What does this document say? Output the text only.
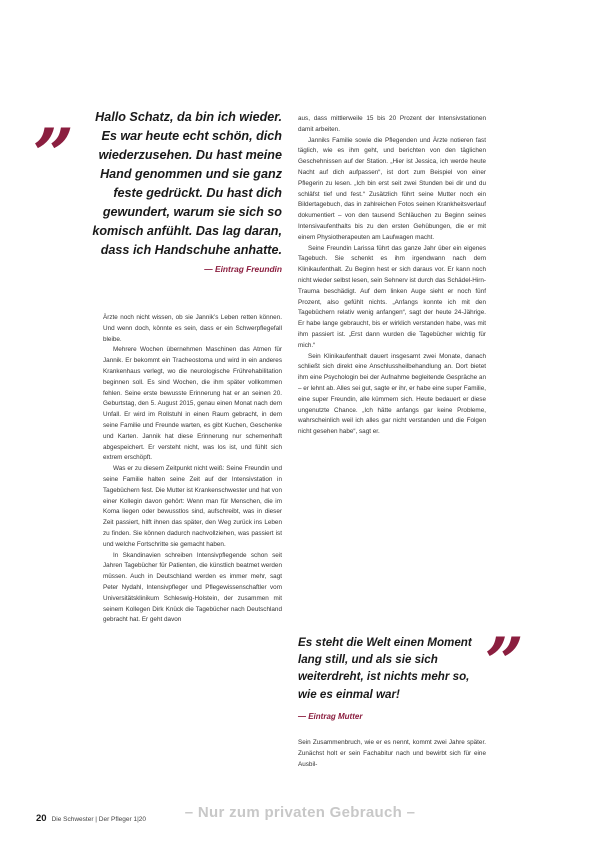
„	Hallo Schatz, da bin ich wieder. Es war heute echt schön, dich wiederzusehen. Du hast meine Hand genommen und sie ganz feste gedrückt. Du hast dich gewundert, warum sie sich so komisch anfühlt. Das lag daran, dass ich Handschuhe anhatte.
— Eintrag Freundin

Ärzte noch nicht wissen, ob sie Jannik’s Leben retten können. Und wenn doch, könnte es sein, dass er ein Schwerpflegefall bleibe.

Mehrere Wochen übernehmen Maschinen das Atmen für Jannik. Er bekommt ein Tracheostoma und wird in ein anderes Krankenhaus verlegt, wo die neurologische Frührehabilitation beginnen soll. Es sind Wochen, die ihm später vollkommen fehlen. Seine erste bewusste Erinnerung hat er an seinen 20. Geburtstag, den 5. August 2015, genau einen Monat nach dem Unfall. Er wird im Rollstuhl in einen Raum gebracht, in dem seine Familie und Freunde warten, es gibt Kuchen, Geschenke und Karten. Jannik hat diese Erinnerung nur schemenhaft abgespeichert. Er versteht nicht, was los ist, und fühlt sich extrem erschöpft.

Was er zu diesem Zeitpunkt nicht weiß: Seine Freundin und seine Familie halten seine Zeit auf der Intensivstation in Tagebüchern fest. Die Mutter ist Krankenschwester und hat von einer Kollegin davon gehört: Wenn man für Menschen, die im Koma liegen oder bewusstlos sind, aufschreibt, was in dieser Zeit passiert, hilft ihnen das später, den Weg zurück ins Leben zu finden. Sie können dadurch nachvollziehen, was passiert ist und welche Fortschritte sie gemacht haben.

In Skandinavien schreiben Intensivpflegende schon seit Jahren Tagebücher für Patienten, die künstlich beatmet werden müssen. Auch in Deutschland werden es immer mehr, sagt Peter Nydahl, Intensivpfleger und Pflegewissenschaftler vom Universitätsklinikum Schleswig-Holstein, der zusammen mit seinem Kollegen Dirk Knück die Tagebücher nach Deutschland gebracht hat. Er geht davon

aus, dass mittlerweile 15 bis 20 Prozent der Intensivstationen damit arbeiten.

Janniks Familie sowie die Pflegenden und Ärzte notieren fast täglich, wie es ihm geht, und berichten von den täglichen Geschehnissen auf der Station. „Hier ist Jessica, ich werde heute Nacht auf dich aufpassen“, ist dort zum Beispiel von einer Pflegerin zu lesen. „Ich bin erst seit zwei Stunden bei dir und du schläfst tief und fest.“ Zusätzlich führt seine Mutter noch ein Bildertagebuch, das in zahlreichen Fotos seinen Krankheitsverlauf dokumentiert – von den tausend Schläuchen zu Beginn seines Intensivaufenthalts bis zu den ersten Gehübungen, die er mit einem Physiotherapeuten am Laufwagen macht.

Seine Freundin Larissa führt das ganze Jahr über ein eigenes Tagebuch. Sie schenkt es ihm irgendwann nach dem Klinikaufenthalt. Zu Beginn hest er sich daraus vor. Er kann noch nicht wieder selbst lesen, sein Sehnerv ist durch das Schädel-Hirn-Trauma beschädigt. Auf dem linken Auge sieht er noch fünf Prozent, also gefühlt nichts. „Anfangs konnte ich mit den Tagebüchern relativ wenig anfangen“, sagt der heute 24-Jährige. Er habe lange gebraucht, bis er wirklich verstanden habe, was mit ihm passiert ist. „Erst dann wurden die Tagebücher wichtig für mich.“

Sein Klinikaufenthalt dauert insgesamt zwei Monate, danach schließt sich direkt eine Anschlussheilbehandlung an. Dort bietet ihm eine Psychologin bei der Aufnahme begleitende Gespräche an – er lehnt ab. Alles sei gut, sagte er ihr, er habe eine super Familie, eine super Freundin, alle kümmern sich. Heute bedauert er diese ungenutzte Chance. „Ich hätte anfangs gar keine Probleme, wahrscheinlich weil ich alles gar nicht verstanden und die Folgen nicht gesehen habe“, sagt er.

„
Es steht die Welt einen Moment lang still, und als sie sich weiterdreht, ist nichts mehr so, wie es einmal war!
— Eintrag Mutter

Sein Zusammenbruch, wie er es nennt, kommt zwei Jahre später. Zunächst holt er sein Fachabitur nach und bewirbt sich für eine Ausbil-

20 Die Schwester | Der Pfleger 1|20	– Nur zum privaten Gebrauch –
